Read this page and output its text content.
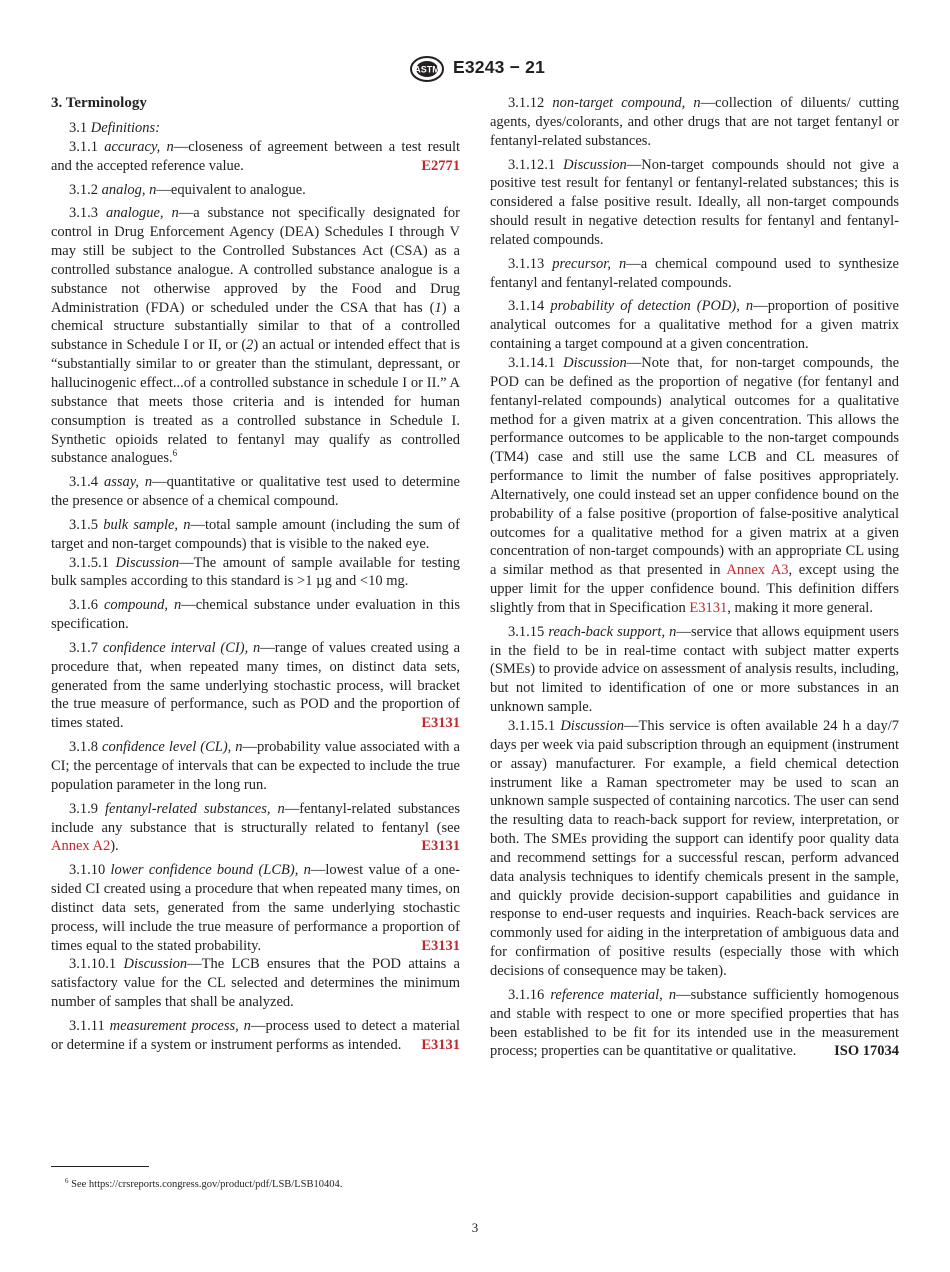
ASTM E3243 − 21

3. Terminology

3.1 Definitions:

3.1.1 accuracy, n—closeness of agreement between a test result and the accepted reference value.	E2771

3.1.2 analog, n—equivalent to analogue.

3.1.3 analogue, n—a substance not specifically designated for control in Drug Enforcement Agency (DEA) Schedules I through V may still be subject to the Controlled Substances Act (CSA) as a controlled substance analogue. A controlled substance analogue is a substance not otherwise approved by the Food and Drug Administration (FDA) or scheduled under the CSA that has (1) a chemical structure substantially similar to that of a controlled substance in Schedule I or II, or (2) an actual or intended effect that is “substantially similar to or greater than the stimulant, depressant, or hallucinogenic effect...of a controlled substance in schedule I or II.” A substance that meets those criteria and is intended for human consumption is treated as a controlled substance in Schedule I. Synthetic opioids related to fentanyl may qualify as controlled substance analogues.$^6$

3.1.4 assay, n—quantitative or qualitative test used to determine the presence or absence of a chemical compound.

3.1.5 bulk sample, n—total sample amount (including the sum of target and non-target compounds) that is visible to the naked eye.

3.1.5.1 Discussion—The amount of sample available for testing bulk samples according to this standard is >1 µg and <10 mg.

3.1.6 compound, n—chemical substance under evaluation in this specification.

3.1.7 confidence interval (CI), n—range of values created using a procedure that, when repeated many times, on distinct data sets, generated from the same underlying stochastic process, will bracket the true measure of performance, such as POD and the proportion of times stated.	E3131

3.1.8 confidence level (CL), n—probability value associated with a CI; the percentage of intervals that can be expected to include the true population parameter in the long run.

3.1.9 fentanyl-related substances, n—fentanyl-related substances include any substance that is structurally related to fentanyl (see Annex A2).	E3131

3.1.10 lower confidence bound (LCB), n—lowest value of a one-sided CI created using a procedure that when repeated many times, on distinct data sets, generated from the same underlying stochastic process, will include the true measure of performance a proportion of times equal to the stated probability.	E3131

3.1.10.1 Discussion—The LCB ensures that the POD attains a satisfactory value for the CL selected and determines the minimum number of samples that shall be analyzed.

3.1.11 measurement process, n—process used to detect a material or determine if a system or instrument performs as intended.	E3131

3.1.12 non-target compound, n—collection of diluents/ cutting agents, dyes/colorants, and other drugs that are not target fentanyl or fentanyl-related substances.

3.1.12.1 Discussion—Non-target compounds should not give a positive test result for fentanyl or fentanyl-related substances; this is considered a false positive result. Ideally, all non-target compounds should result in negative detection results for fentanyl and fentanyl-related compounds.

3.1.13 precursor, n—a chemical compound used to synthesize fentanyl and fentanyl-related compounds.

3.1.14 probability of detection (POD), n—proportion of positive analytical outcomes for a qualitative method for a given matrix containing a target compound at a given concentration.

3.1.14.1 Discussion—Note that, for non-target compounds, the POD can be defined as the proportion of negative (for fentanyl and fentanyl-related compounds) analytical outcomes for a qualitative method for a given matrix at a given concentration. This allows the performance outcomes to be applicable to the non-target compounds (TM4) case and still use the same LCB and CL measures of performance to limit the number of false positives appropriately. Alternatively, one could instead set an upper confidence bound on the probability of a false positive (proportion of false-positive analytical outcomes for a qualitative method for a given matrix at a given concentration of non-target compounds) with an appropriate CL using a similar method as that presented in Annex A3, except using the upper limit for the upper confidence bound. This definition differs slightly from that in Specification E3131, making it more general.

3.1.15 reach-back support, n—service that allows equipment users in the field to be in real-time contact with subject matter experts (SMEs) to provide advice on assessment of analysis results, including, but not limited to identification of one or more substances in an unknown sample.

3.1.15.1 Discussion—This service is often available 24 h a day/7 days per week via paid subscription through an equipment (instrument or assay) manufacturer. For example, a field chemical detection instrument like a Raman spectrometer may be used to scan an unknown sample suspected of containing narcotics. The user can send the resulting data to reach-back support for review, interpretation, or both. The SMEs providing the support can identify poor quality data and recommend settings for a successful rescan, perform advanced data analysis techniques to identify chemicals present in the sample, and quickly provide decision-support capabilities and guidance in response to end-user requests and inquiries. Reach-back services are commonly used for aiding in the interpretation of ambiguous data and for confirmation of positive results (especially those with which decisions of consequence may be taken).

3.1.16 reference material, n—substance sufficiently homogenous and stable with respect to one or more specified properties that has been established to be fit for its intended use in the measurement process; properties can be quantitative or qualitative.	ISO 17034

$^6$ See https://crsreports.congress.gov/product/pdf/LSB/LSB10404.
3
